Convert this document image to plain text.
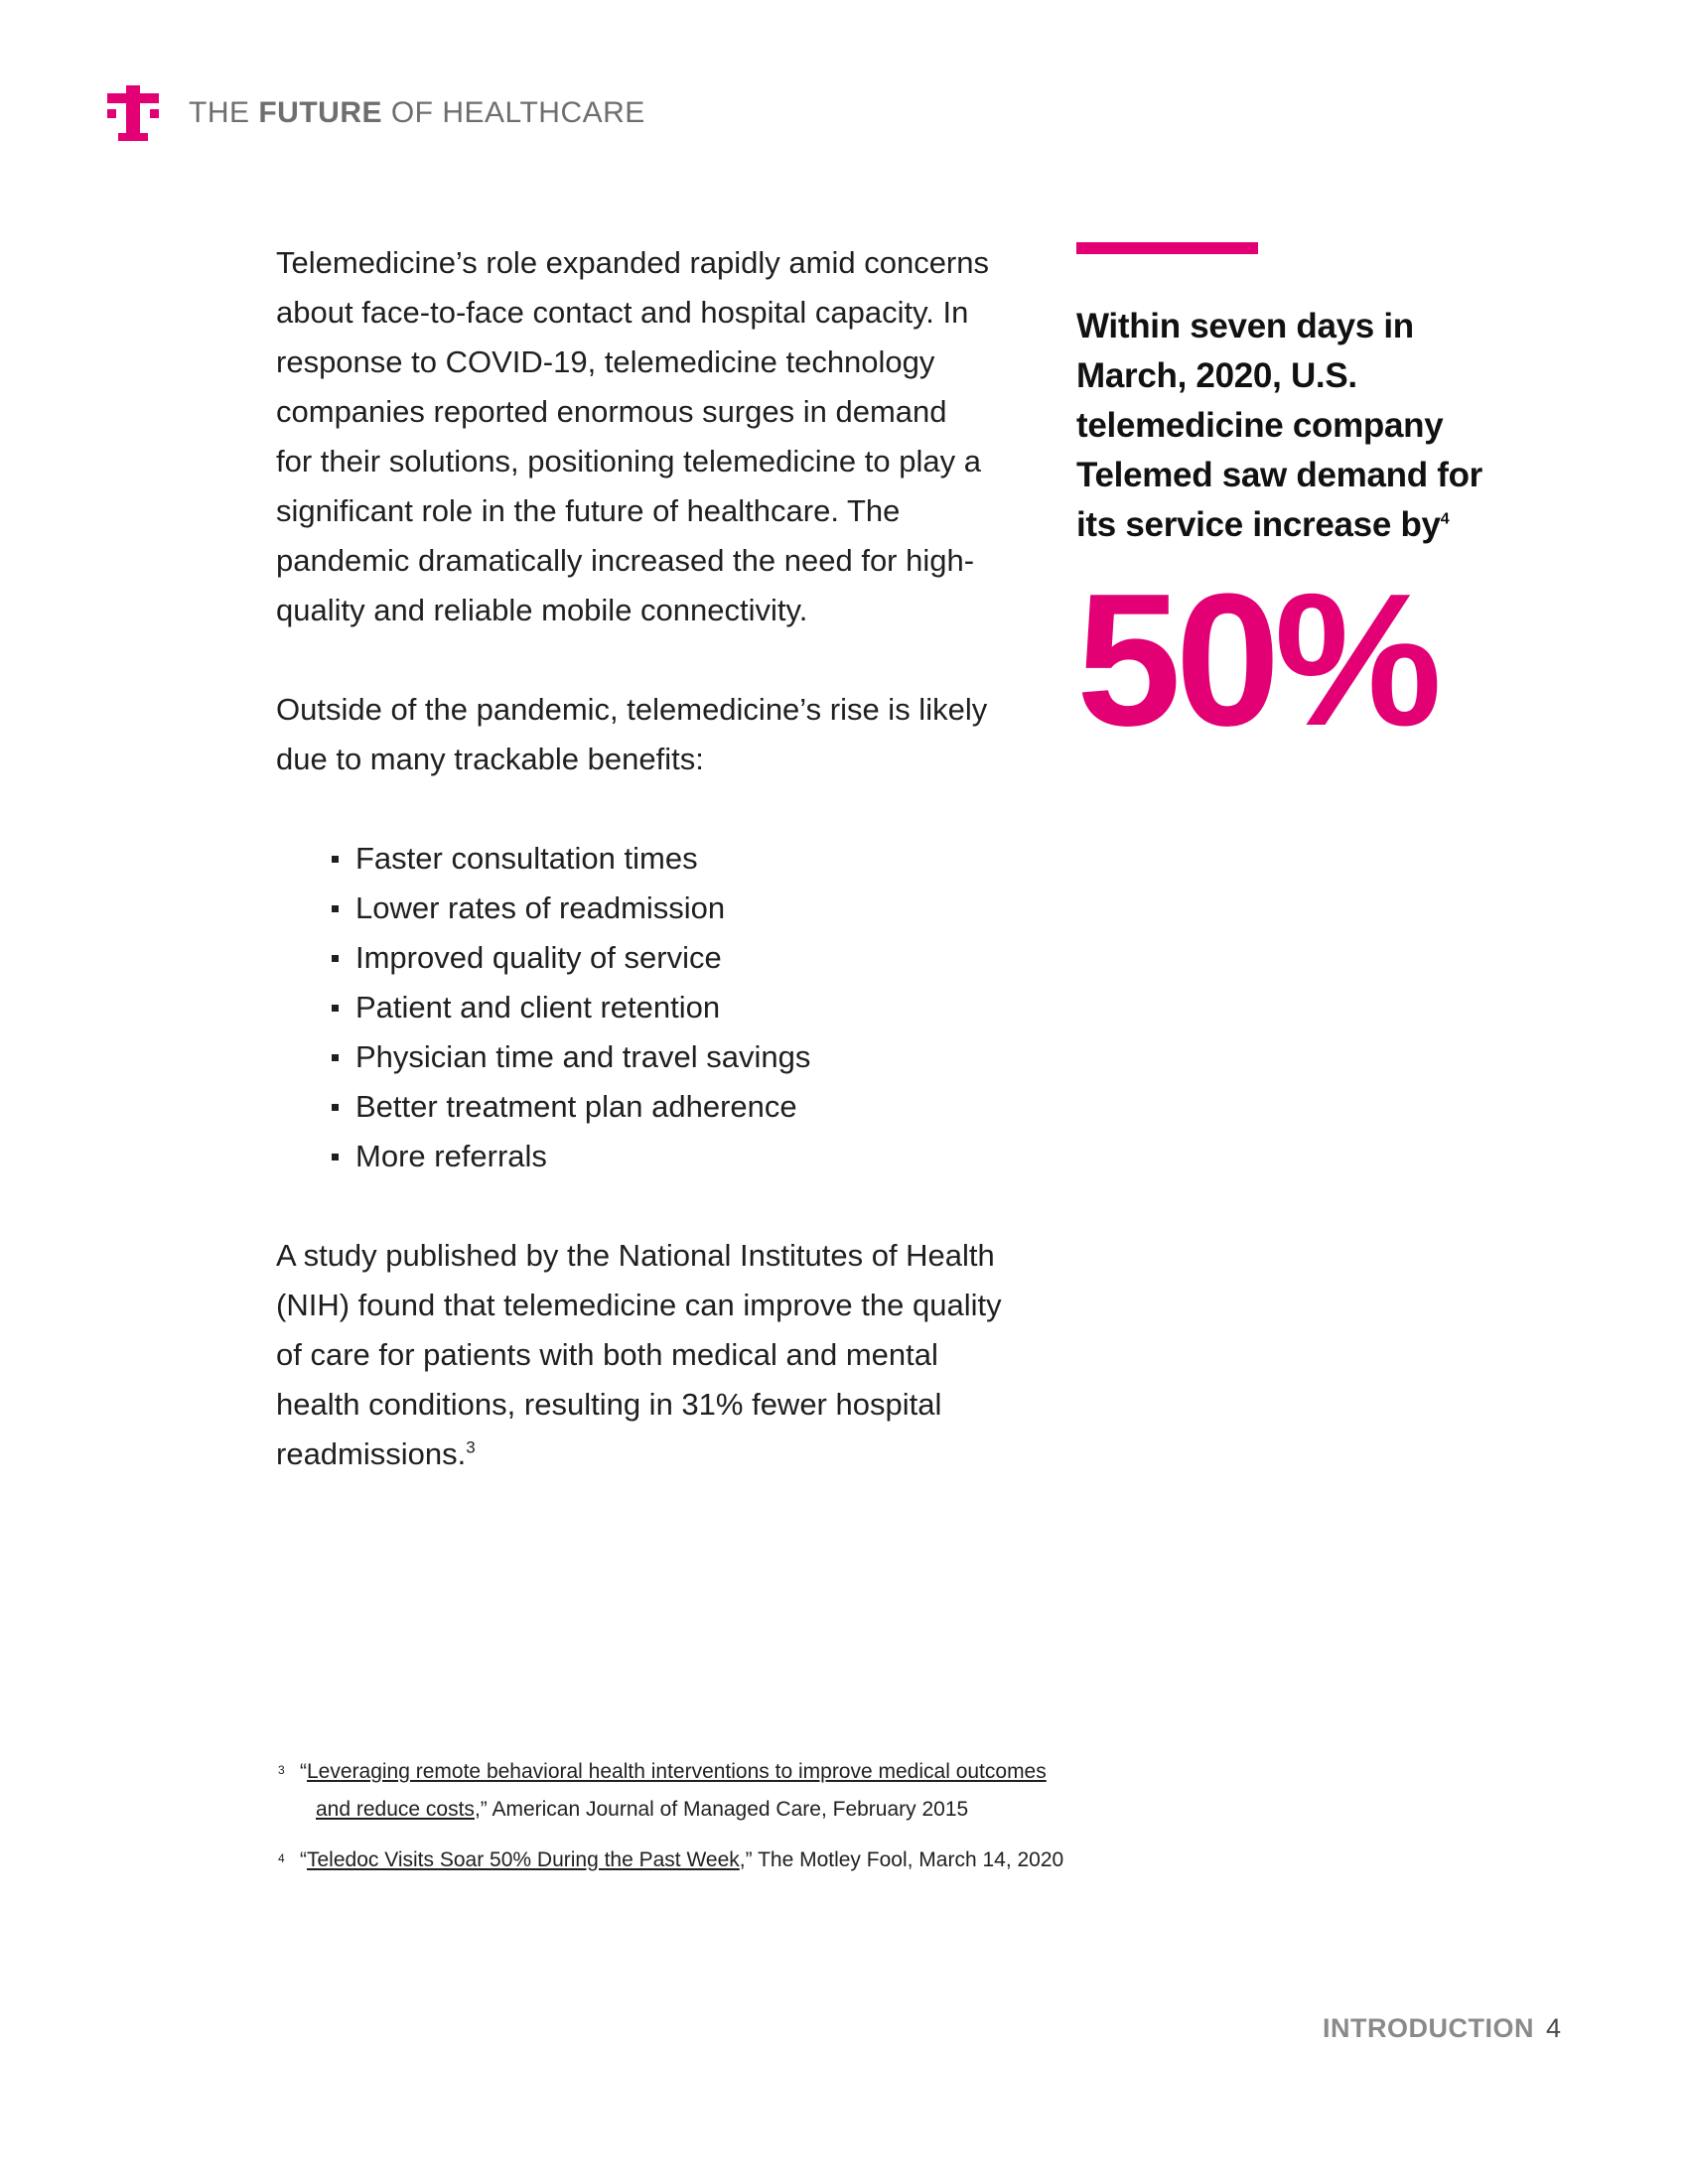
THE FUTURE OF HEALTHCARE

Telemedicine’s role expanded rapidly amid concerns about face-to-face contact and hospital capacity. In response to COVID-19, telemedicine technology companies reported enormous surges in demand for their solutions, positioning telemedicine to play a significant role in the future of healthcare. The pandemic dramatically increased the need for high-quality and reliable mobile connectivity.

Outside of the pandemic, telemedicine’s rise is likely due to many trackable benefits:

Faster consultation times
Lower rates of readmission
Improved quality of service
Patient and client retention
Physician time and travel savings
Better treatment plan adherence
More referrals

A study published by the National Institutes of Health (NIH) found that telemedicine can improve the quality of care for patients with both medical and mental health conditions, resulting in 31% fewer hospital readmissions.$^3$

Within seven days in March, 2020, U.S. telemedicine company Telemed saw demand for its service increase $by^4$
50%
3 “Leveraging remote behavioral health interventions to improve medical outcomes
and reduce costs,” American Journal of Managed Care, February 2015
4 “Teledoc Visits Soar 50% During the Past Week,” The Motley Fool, March 14, 2020
INTRODUCTION 4
